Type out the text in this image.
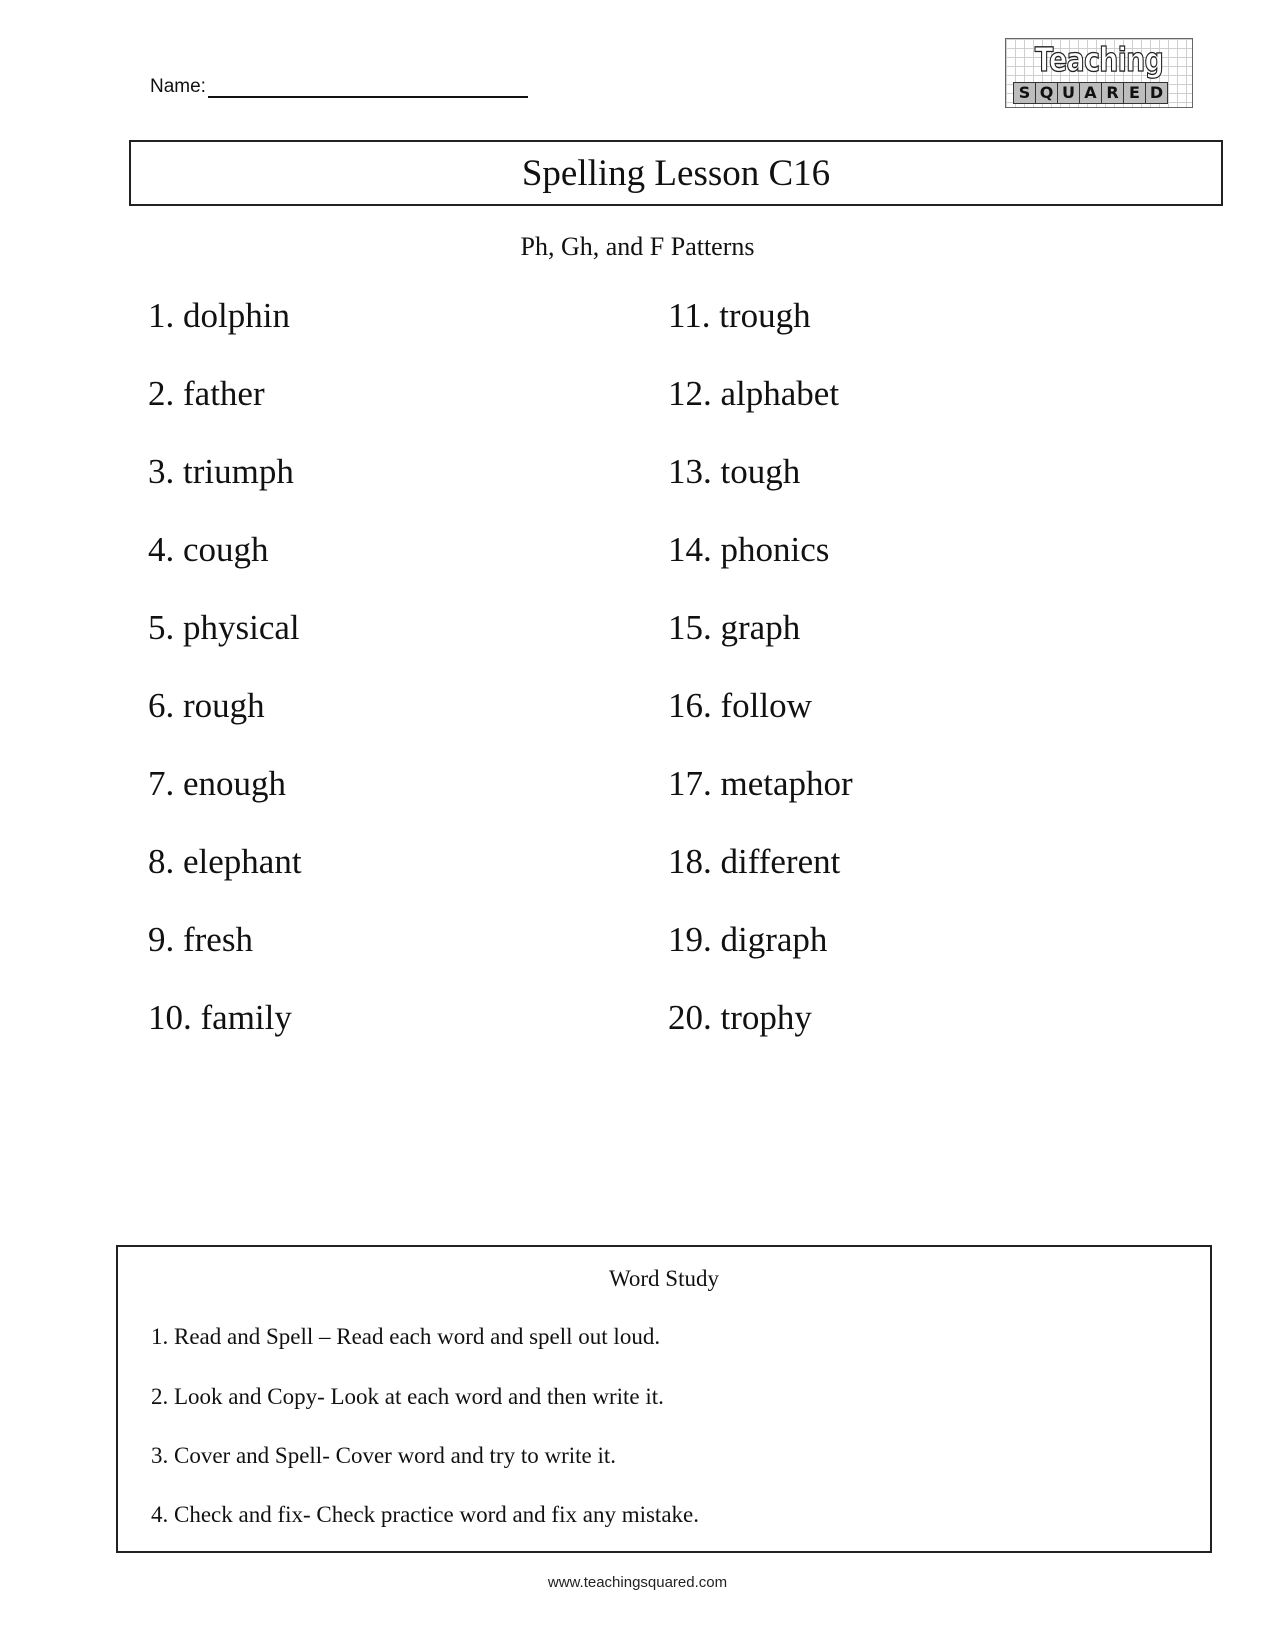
Name:
Teaching
S Q U A R E D
Spelling Lesson C16
Ph, Gh, and F Patterns
1. dolphin
2. father
3. triumph
4. cough
5. physical
6. rough
7. enough
8. elephant
9. fresh
10. family
11. trough
12. alphabet
13. tough
14. phonics
15. graph
16. follow
17. metaphor
18. different
19. digraph
20. trophy
Word Study
1. Read and Spell – Read each word and spell out loud.
2. Look and Copy- Look at each word and then write it.
3. Cover and Spell- Cover word and try to write it.
4. Check and fix- Check practice word and fix any mistake.
www.teachingsquared.com
